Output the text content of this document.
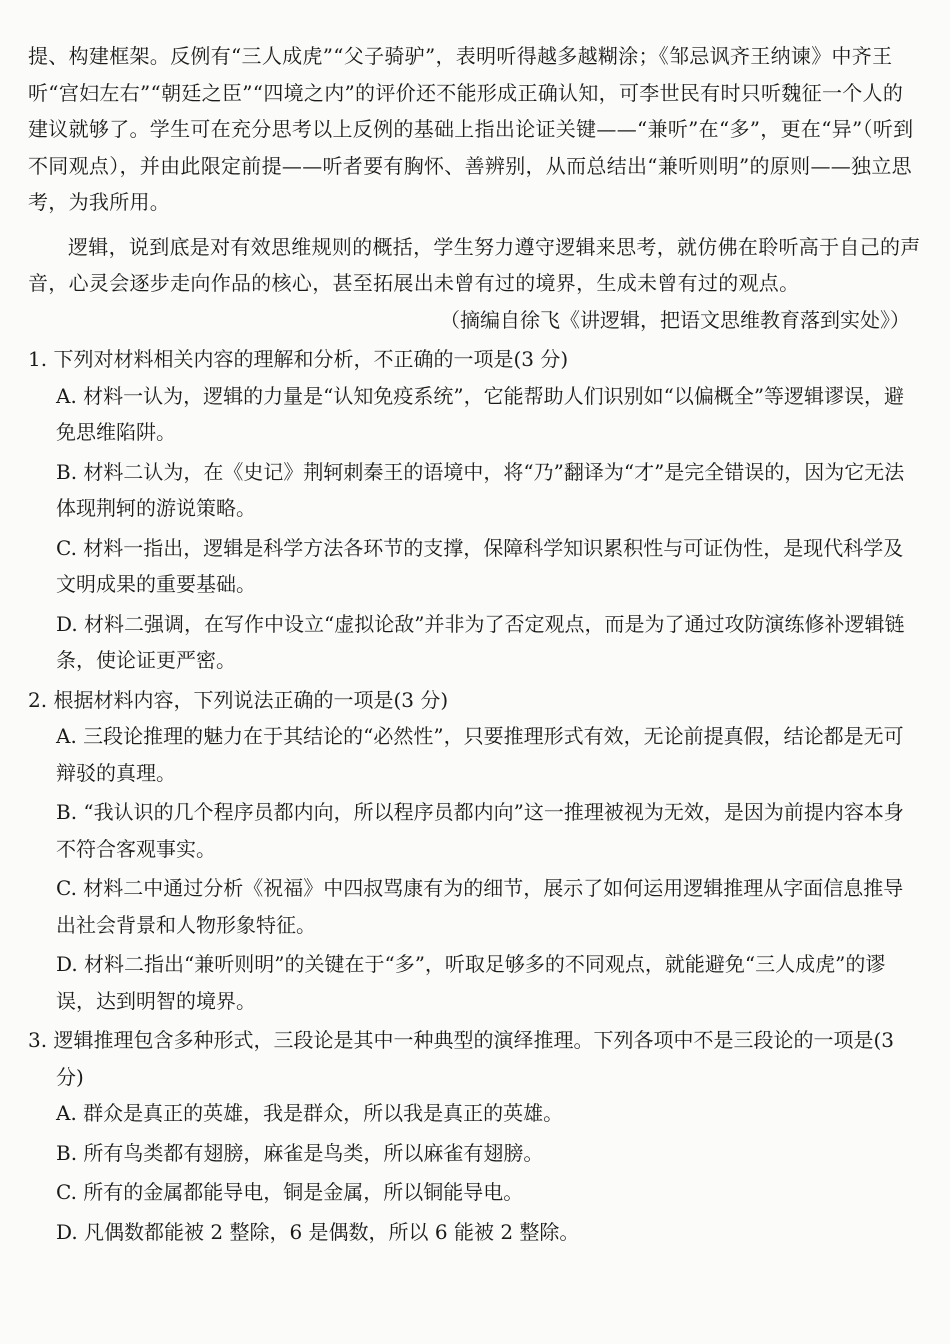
提、构建框架。反例有“三人成虎”“父子骑驴”，表明听得越多越糊涂；《邹忌讽齐王纳谏》中齐王听“宫妇左右”“朝廷之臣”“四境之内”的评价还不能形成正确认知，可李世民有时只听魏征一个人的建议就够了。学生可在充分思考以上反例的基础上指出论证关键——“兼听”在“多”，更在“异”（听到不同观点），并由此限定前提——听者要有胸怀、善辨别，从而总结出“兼听则明”的原则——独立思考，为我所用。

逻辑，说到底是对有效思维规则的概括，学生努力遵守逻辑来思考，就仿佛在聆听高于自己的声音，心灵会逐步走向作品的核心，甚至拓展出未曾有过的境界，生成未曾有过的观点。

（摘编自徐飞《讲逻辑，把语文思维教育落到实处》）

1. 下列对材料相关内容的理解和分析，不正确的一项是(3 分)

A. 材料一认为，逻辑的力量是“认知免疫系统”，它能帮助人们识别如“以偏概全”等逻辑谬误，避免思维陷阱。

B. 材料二认为，在《史记》荆轲刺秦王的语境中，将“乃”翻译为“才”是完全错误的，因为它无法体现荆轲的游说策略。

C. 材料一指出，逻辑是科学方法各环节的支撑，保障科学知识累积性与可证伪性，是现代科学及文明成果的重要基础。

D. 材料二强调，在写作中设立“虚拟论敌”并非为了否定观点，而是为了通过攻防演练修补逻辑链条，使论证更严密。

2. 根据材料内容，下列说法正确的一项是(3 分)

A. 三段论推理的魅力在于其结论的“必然性”，只要推理形式有效，无论前提真假，结论都是无可辩驳的真理。

B. “我认识的几个程序员都内向，所以程序员都内向”这一推理被视为无效，是因为前提内容本身不符合客观事实。

C. 材料二中通过分析《祝福》中四叔骂康有为的细节，展示了如何运用逻辑推理从字面信息推导出社会背景和人物形象特征。

D. 材料二指出“兼听则明”的关键在于“多”，听取足够多的不同观点，就能避免“三人成虎”的谬误，达到明智的境界。

3. 逻辑推理包含多种形式，三段论是其中一种典型的演绎推理。下列各项中不是三段论的一项是(3 分)

A. 群众是真正的英雄，我是群众，所以我是真正的英雄。

B. 所有鸟类都有翅膀，麻雀是鸟类，所以麻雀有翅膀。

C. 所有的金属都能导电，铜是金属，所以铜能导电。

D. 凡偶数都能被 2 整除，6 是偶数，所以 6 能被 2 整除。
